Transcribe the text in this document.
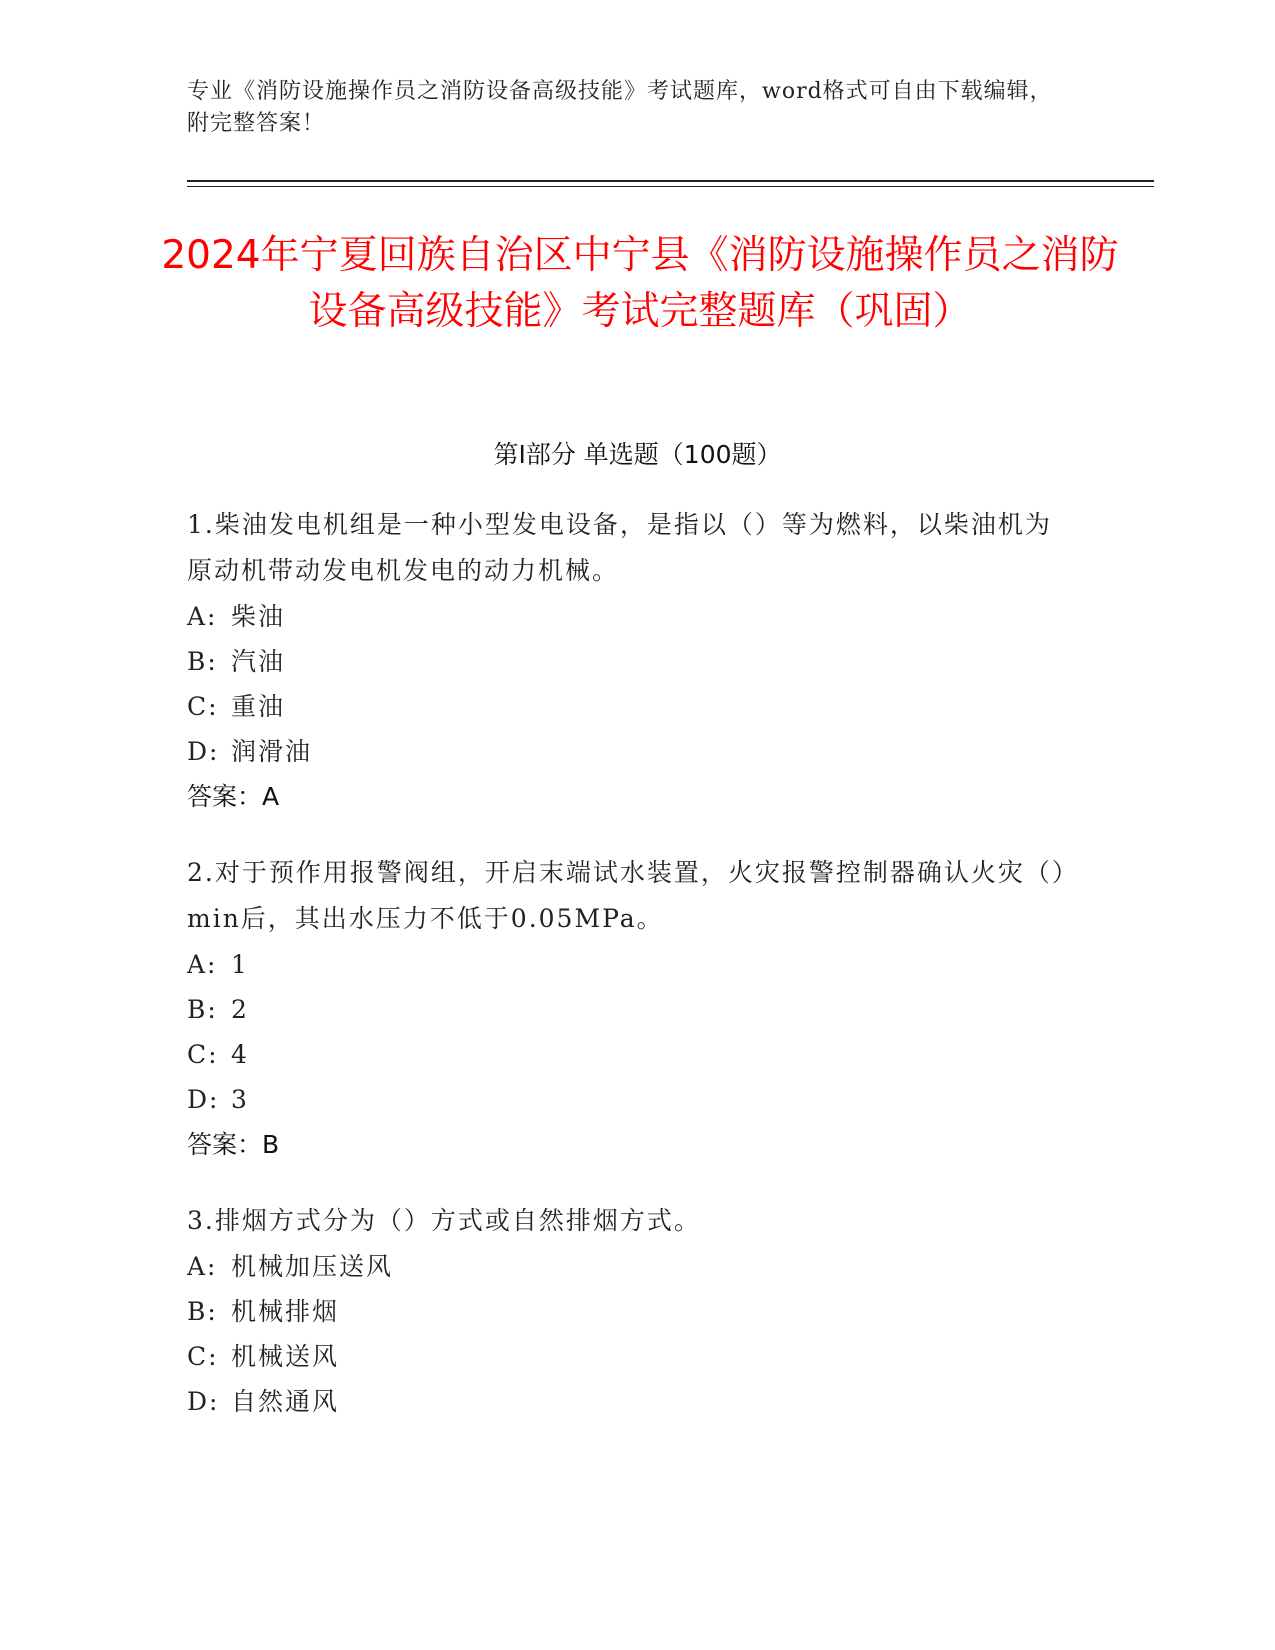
专业《消防设施操作员之消防设备高级技能》考试题库，word格式可自由下载编辑，附完整答案！
2024年宁夏回族自治区中宁县《消防设施操作员之消防设备高级技能》考试完整题库（巩固）
第I部分 单选题（100题）
1.柴油发电机组是一种小型发电设备，是指以（）等为燃料，以柴油机为原动机带动发电机发电的动力机械。
A: 柴油
B: 汽油
C: 重油
D: 润滑油
答案：A
2.对于预作用报警阀组，开启末端试水装置，火灾报警控制器确认火灾（）min后，其出水压力不低于0.05MPa。
A: 1
B: 2
C: 4
D: 3
答案：B
3.排烟方式分为（）方式或自然排烟方式。
A: 机械加压送风
B: 机械排烟
C: 机械送风
D: 自然通风
